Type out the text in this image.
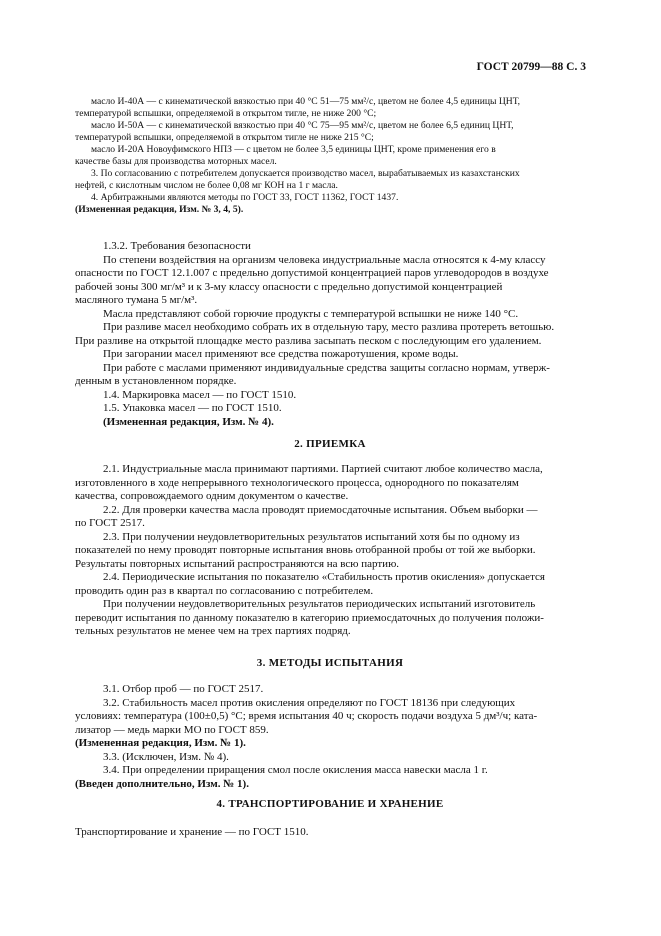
ГОСТ 20799—88 С. 3

масло И-40А — с кинематической вязкостью при 40 °С 51—75 мм²/с, цветом не более 4,5 единицы ЦНТ,

температурой вспышки, определяемой в открытом тигле, не ниже 200 °С;

масло И-50А — с кинематической вязкостью при 40 °С 75—95 мм²/с, цветом не более 6,5 единиц ЦНТ,

температурой вспышки, определяемой в открытом тигле не ниже 215 °С;

масло И-20А Новоуфимского НПЗ — с цветом не более 3,5 единицы ЦНТ, кроме применения его в

качестве базы для производства моторных масел.

3. По согласованию с потребителем допускается производство масел, вырабатываемых из казахстанских

нефтей, с кислотным числом не более 0,08 мг КОН на 1 г масла.

4. Арбитражными являются методы по ГОСТ 33, ГОСТ 11362, ГОСТ 1437.

(Измененная редакция, Изм. № 3, 4, 5).

1.3.2. Требования безопасности

По степени воздействия на организм человека индустриальные масла относятся к 4-му классу

опасности по ГОСТ 12.1.007 с предельно допустимой концентрацией паров углеводородов в воздухе

рабочей зоны 300 мг/м³ и к 3-му классу опасности с предельно допустимой концентрацией

масляного тумана 5 мг/м³.

Масла представляют собой горючие продукты с температурой вспышки не ниже 140 °С.

При разливе масел необходимо собрать их в отдельную тару, место разлива протереть ветошью.

При разливе на открытой площадке место разлива засыпать песком с последующим его удалением.

При загорании масел применяют все средства пожаротушения, кроме воды.

При работе с маслами применяют индивидуальные средства защиты согласно нормам, утверж-

денным в установленном порядке.

1.4. Маркировка масел — по ГОСТ 1510.

1.5. Упаковка масел — по ГОСТ 1510.

(Измененная редакция, Изм. № 4).

2. ПРИЕМКА

2.1. Индустриальные масла принимают партиями. Партией считают любое количество масла,

изготовленного в ходе непрерывного технологического процесса, однородного по показателям

качества, сопровождаемого одним документом о качестве.

2.2. Для проверки качества масла проводят приемосдаточные испытания. Объем выборки —

по ГОСТ 2517.

2.3. При получении неудовлетворительных результатов испытаний хотя бы по одному из

показателей по нему проводят повторные испытания вновь отобранной пробы от той же выборки.

Результаты повторных испытаний распространяются на всю партию.

2.4. Периодические испытания по показателю «Стабильность против окисления» допускается

проводить один раз в квартал по согласованию с потребителем.

При получении неудовлетворительных результатов периодических испытаний изготовитель

переводит испытания по данному показателю в категорию приемосдаточных до получения положи-

тельных результатов не менее чем на трех партиях подряд.

3. МЕТОДЫ ИСПЫТАНИЯ

3.1. Отбор проб — по ГОСТ 2517.

3.2. Стабильность масел против окисления определяют по ГОСТ 18136 при следующих

условиях: температура (100±0,5) °С; время испытания 40 ч; скорость подачи воздуха 5 дм³/ч; ката-

лизатор — медь марки МО по ГОСТ 859.

(Измененная редакция, Изм. № 1).

3.3. (Исключен, Изм. № 4).

3.4. При определении приращения смол после окисления масса навески масла 1 г.

(Введен дополнительно, Изм. № 1).

4. ТРАНСПОРТИРОВАНИЕ И ХРАНЕНИЕ

Транспортирование и хранение — по ГОСТ 1510.
